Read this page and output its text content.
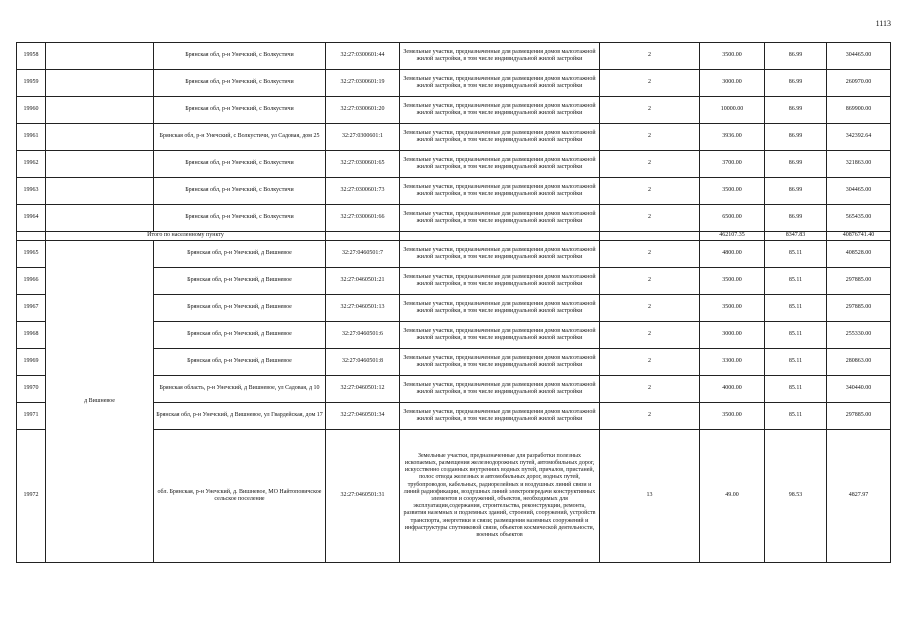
1113
19958		Брянская обл, р-н Унечский, с Волкустичи	32:27:0300601:44	Земельные участки, предназначенные для размещения домов малоэтажной жилой застройки, в том числе индивидуальной жилой застройки	2	3500.00	86.99	304465.00
19959		Брянская обл, р-н Унечский, с Волкустичи	32:27:0300601:19	Земельные участки, предназначенные для размещения домов малоэтажной жилой застройки, в том числе индивидуальной жилой застройки	2	3000.00	86.99	260970.00
19960		Брянская обл, р-н Унечский, с Волкустичи	32:27:0300601:20	Земельные участки, предназначенные для размещения домов малоэтажной жилой застройки, в том числе индивидуальной жилой застройки	2	10000.00	86.99	869900.00
19961		Брянская обл, р-н Унечский, с Волкустичи, ул Садовая, дом 25	32:27:0300601:1	Земельные участки, предназначенные для размещения домов малоэтажной жилой застройки, в том числе индивидуальной жилой застройки	2	3936.00	86.99	342392.64
19962		Брянская обл, р-н Унечский, с Волкустичи	32:27:0300601:65	Земельные участки, предназначенные для размещения домов малоэтажной жилой застройки, в том числе индивидуальной жилой застройки	2	3700.00	86.99	321863.00
19963		Брянская обл, р-н Унечский, с Волкустичи	32:27:0300601:73	Земельные участки, предназначенные для размещения домов малоэтажной жилой застройки, в том числе индивидуальной жилой застройки	2	3500.00	86.99	304465.00
19964		Брянская обл, р-н Унечский, с Волкустичи	32:27:0300601:66	Земельные участки, предназначенные для размещения домов малоэтажной жилой застройки, в том числе индивидуальной жилой застройки	2	6500.00	86.99	565435.00
	Итого по населенному пункту					462107.35	8347.83	40876741.40
19965	д Вишневое	Брянская обл, р-н Унечский, д Вишневое	32:27:0460501:7	Земельные участки, предназначенные для размещения домов малоэтажной жилой застройки, в том числе индивидуальной жилой застройки	2	4800.00	85.11	408528.00
19966		Брянская обл, р-н Унечский, д Вишневое	32:27:0460501:21	Земельные участки, предназначенные для размещения домов малоэтажной жилой застройки, в том числе индивидуальной жилой застройки	2	3500.00	85.11	297885.00
19967		Брянская обл, р-н Унечский, д Вишневое	32:27:0460501:13	Земельные участки, предназначенные для размещения домов малоэтажной жилой застройки, в том числе индивидуальной жилой застройки	2	3500.00	85.11	297885.00
19968		Брянская обл, р-н Унечский, д Вишневое	32:27:0460501:6	Земельные участки, предназначенные для размещения домов малоэтажной жилой застройки, в том числе индивидуальной жилой застройки	2	3000.00	85.11	255330.00
19969		Брянская обл, р-н Унечский, д Вишневое	32:27:0460501:8	Земельные участки, предназначенные для размещения домов малоэтажной жилой застройки, в том числе индивидуальной жилой застройки	2	3300.00	85.11	280863.00
19970		Брянская область, р-н Унечский, д Вишневое, ул Садовая, д 10	32:27:0460501:12	Земельные участки, предназначенные для размещения домов малоэтажной жилой застройки, в том числе индивидуальной жилой застройки	2	4000.00	85.11	340440.00
19971		Брянская обл, р-н Унечский, д Вишневое, ул Гвардейская, дом 17	32:27:0460501:34	Земельные участки, предназначенные для размещения домов малоэтажной жилой застройки, в том числе индивидуальной жилой застройки	2	3500.00	85.11	297885.00
19972		обл. Брянская, р-н Унечский, д. Вишневое, МО Найтоповичское сельское поселение	32:27:0460501:31	Земельные участки, предназначенные для разработки полезных ископаемых, размещения железнодорожных путей, автомобильных дорог, искусственно созданных внутренних водных путей, причалов, пристаней, полос отвода железных и автомобильных дорог, водных путей, трубопроводов, кабельных, радиорелейных и воздушных линий связи и линий радиофикации, воздушных линий электропередачи конструктивных элементов и сооружений, объектов, необходимых для эксплуатации,содержания, строительства, реконструкции, ремонта, развития наземных и подземных зданий, строений, сооружений, устройств транспорта, энергетики и связи; размещения наземных сооружений и инфраструктуры спутниковой связи, объектов космической деятельности, военных объектов	13	49.00	98.53	4827.97
